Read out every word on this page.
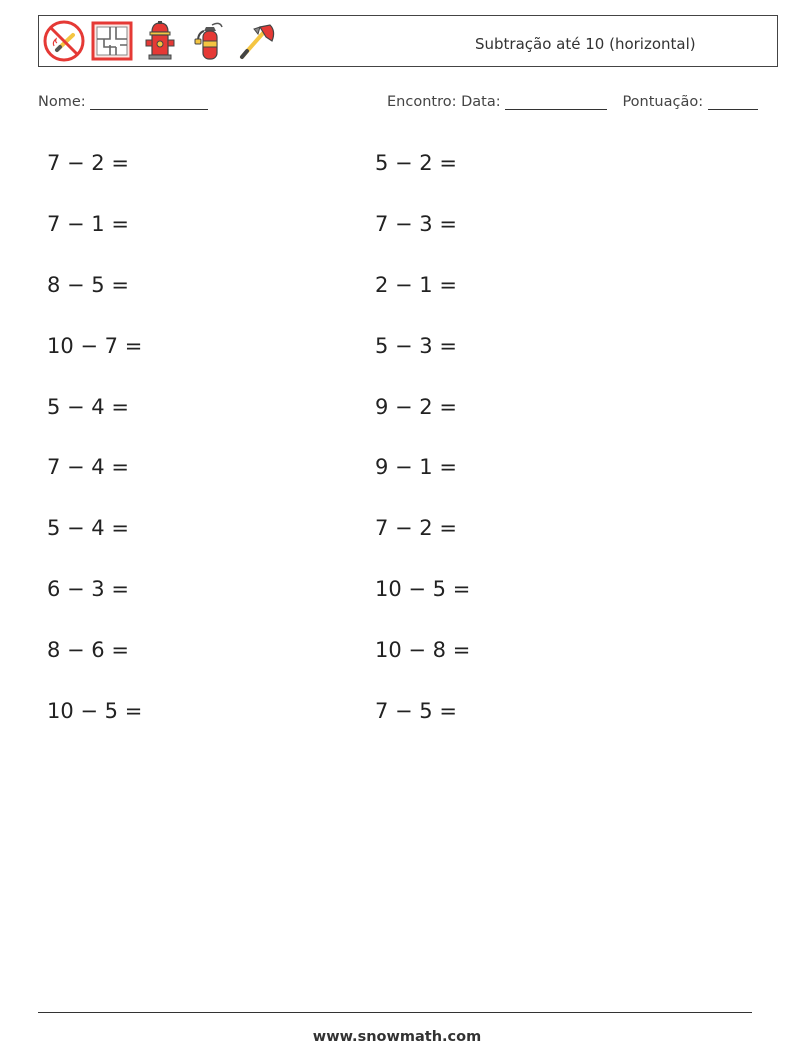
Subtração até 10 (horizontal)
Nome:	Encontro: Data:	Pontuação:
7 − 2 =
7 − 1 =
8 − 5 =
10 − 7 =
5 − 4 =
7 − 4 =
5 − 4 =
6 − 3 =
8 − 6 =
10 − 5 =
5 − 2 =
7 − 3 =
2 − 1 =
5 − 3 =
9 − 2 =
9 − 1 =
7 − 2 =
10 − 5 =
10 − 8 =
7 − 5 =
www.snowmath.com
